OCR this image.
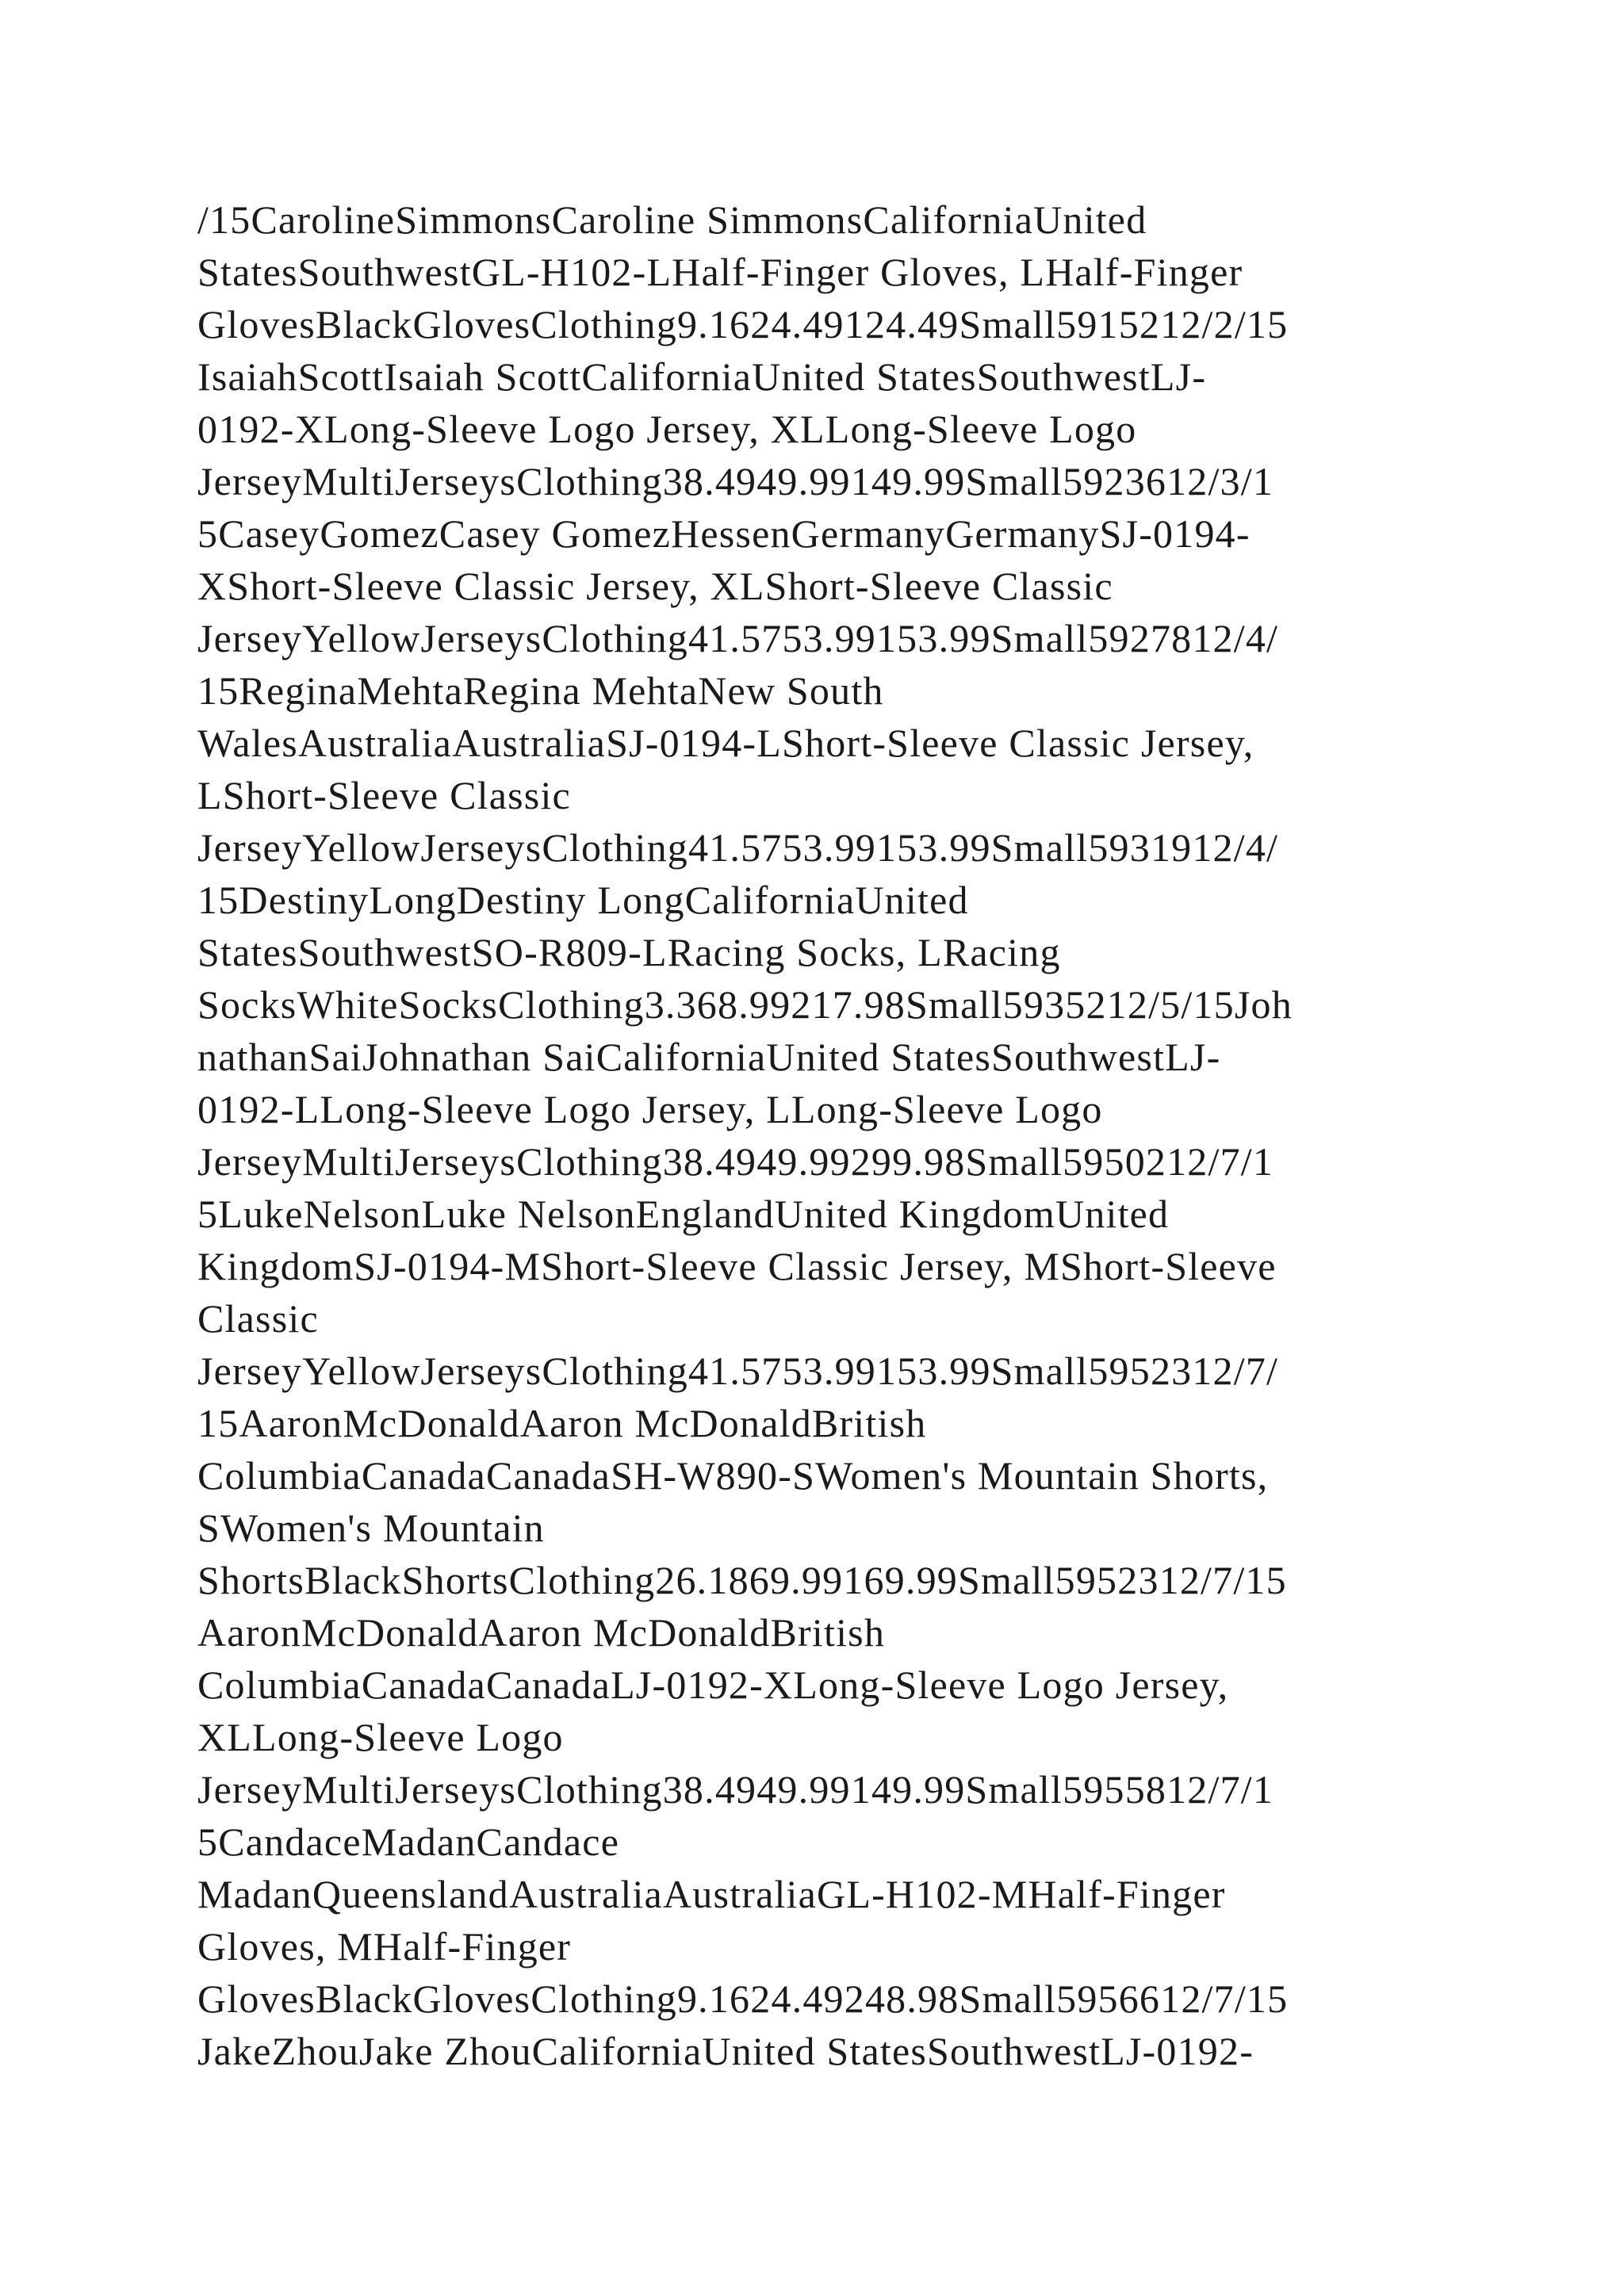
/15CarolineSimmonsCaroline SimmonsCaliforniaUnited
StatesSouthwestGL-H102-LHalf-Finger Gloves, LHalf-Finger
GlovesBlackGlovesClothing9.1624.49124.49Small5915212/2/15
IsaiahScottIsaiah ScottCaliforniaUnited StatesSouthwestLJ-
0192-XLong-Sleeve Logo Jersey, XLLong-Sleeve Logo
JerseyMultiJerseysClothing38.4949.99149.99Small5923612/3/1
5CaseyGomezCasey GomezHessenGermanyGermanySJ-0194-
XShort-Sleeve Classic Jersey, XLShort-Sleeve Classic
JerseyYellowJerseysClothing41.5753.99153.99Small5927812/4/
15ReginaMehtaRegina MehtaNew South
WalesAustraliaAustraliaSJ-0194-LShort-Sleeve Classic Jersey,
LShort-Sleeve Classic
JerseyYellowJerseysClothing41.5753.99153.99Small5931912/4/
15DestinyLongDestiny LongCaliforniaUnited
StatesSouthwestSO-R809-LRacing Socks, LRacing
SocksWhiteSocksClothing3.368.99217.98Small5935212/5/15Joh
nathanSaiJohnathan SaiCaliforniaUnited StatesSouthwestLJ-
0192-LLong-Sleeve Logo Jersey, LLong-Sleeve Logo
JerseyMultiJerseysClothing38.4949.99299.98Small5950212/7/1
5LukeNelsonLuke NelsonEnglandUnited KingdomUnited
KingdomSJ-0194-MShort-Sleeve Classic Jersey, MShort-Sleeve
Classic
JerseyYellowJerseysClothing41.5753.99153.99Small5952312/7/
15AaronMcDonaldAaron McDonaldBritish
ColumbiaCanadaCanadaSH-W890-SWomen's Mountain Shorts,
SWomen's Mountain
ShortsBlackShortsClothing26.1869.99169.99Small5952312/7/15
AaronMcDonaldAaron McDonaldBritish
ColumbiaCanadaCanadaLJ-0192-XLong-Sleeve Logo Jersey,
XLLong-Sleeve Logo
JerseyMultiJerseysClothing38.4949.99149.99Small5955812/7/1
5CandaceMadanCandace
MadanQueenslandAustraliaAustraliaGL-H102-MHalf-Finger
Gloves, MHalf-Finger
GlovesBlackGlovesClothing9.1624.49248.98Small5956612/7/15
JakeZhouJake ZhouCaliforniaUnited StatesSouthwestLJ-0192-
